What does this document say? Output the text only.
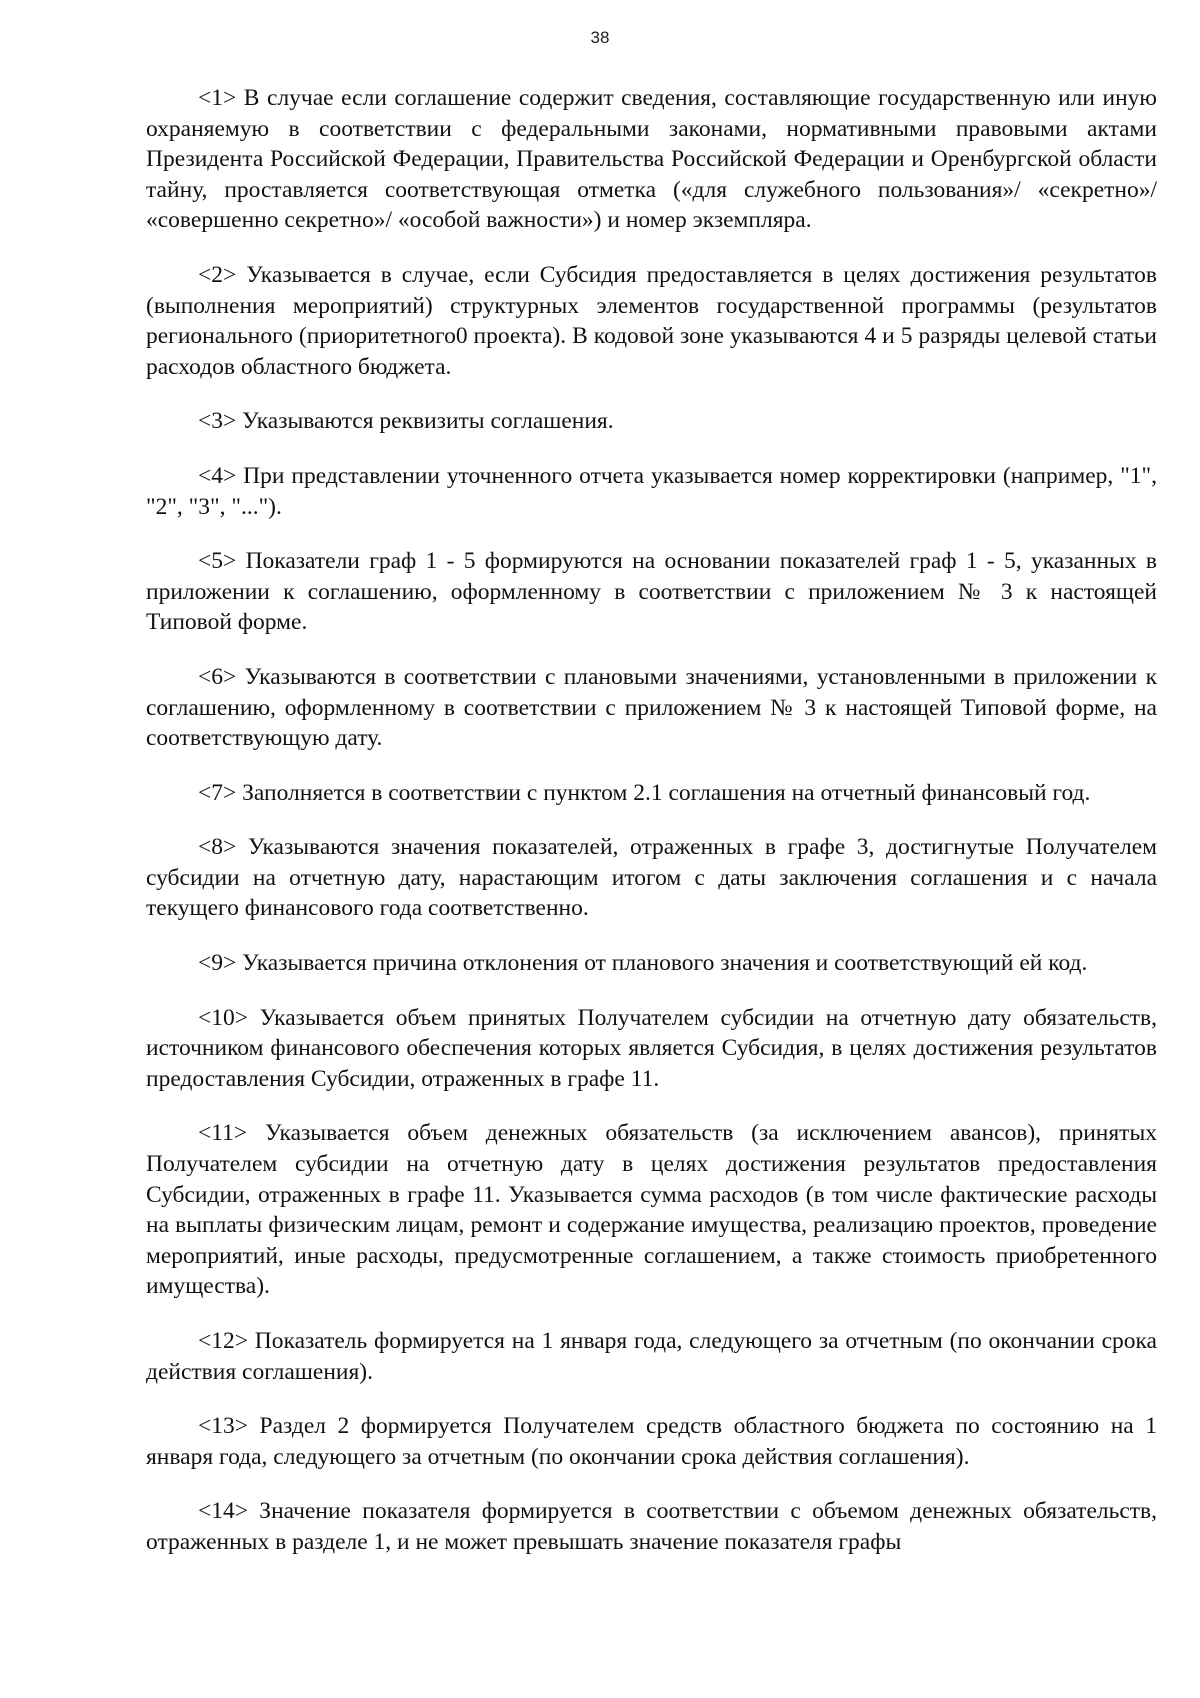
38

<1> В случае если соглашение содержит сведения, составляющие государственную или иную охраняемую в соответствии с федеральными законами, нормативными правовыми актами Президента Российской Федерации, Правительства Российской Федерации и Оренбургской области тайну, проставляется соответствующая отметка («для служебного пользования»/ «секретно»/ «совершенно секретно»/ «особой важности») и номер экземпляра.

<2> Указывается в случае, если Субсидия предоставляется в целях достижения результатов (выполнения мероприятий) структурных элементов государственной программы (результатов регионального (приоритетного0 проекта). В кодовой зоне указываются 4 и 5 разряды целевой статьи расходов областного бюджета.

<3> Указываются реквизиты соглашения.

<4> При представлении уточненного отчета указывается номер корректировки (например, "1", "2", "3", "...").

<5> Показатели граф 1 - 5 формируются на основании показателей граф 1 - 5, указанных в приложении к соглашению, оформленному в соответствии с приложением № 3 к настоящей Типовой форме.

<6> Указываются в соответствии с плановыми значениями, установленными в приложении к соглашению, оформленному в соответствии с приложением № 3 к настоящей Типовой форме, на соответствующую дату.

<7> Заполняется в соответствии с пунктом 2.1 соглашения на отчетный финансовый год.

<8> Указываются значения показателей, отраженных в графе 3, достигнутые Получателем субсидии на отчетную дату, нарастающим итогом с даты заключения соглашения и с начала текущего финансового года соответственно.

<9> Указывается причина отклонения от планового значения и соответствующий ей код.

<10> Указывается объем принятых Получателем субсидии на отчетную дату обязательств, источником финансового обеспечения которых является Субсидия, в целях достижения результатов предоставления Субсидии, отраженных в графе 11.

<11> Указывается объем денежных обязательств (за исключением авансов), принятых Получателем субсидии на отчетную дату в целях достижения результатов предоставления Субсидии, отраженных в графе 11. Указывается сумма расходов (в том числе фактические расходы на выплаты физическим лицам, ремонт и содержание имущества, реализацию проектов, проведение мероприятий, иные расходы, предусмотренные соглашением, а также стоимость приобретенного имущества).

<12> Показатель формируется на 1 января года, следующего за отчетным (по окончании срока действия соглашения).

<13> Раздел 2 формируется Получателем средств областного бюджета по состоянию на 1 января года, следующего за отчетным (по окончании срока действия соглашения).

<14> Значение показателя формируется в соответствии с объемом денежных обязательств, отраженных в разделе 1, и не может превышать значение показателя графы
